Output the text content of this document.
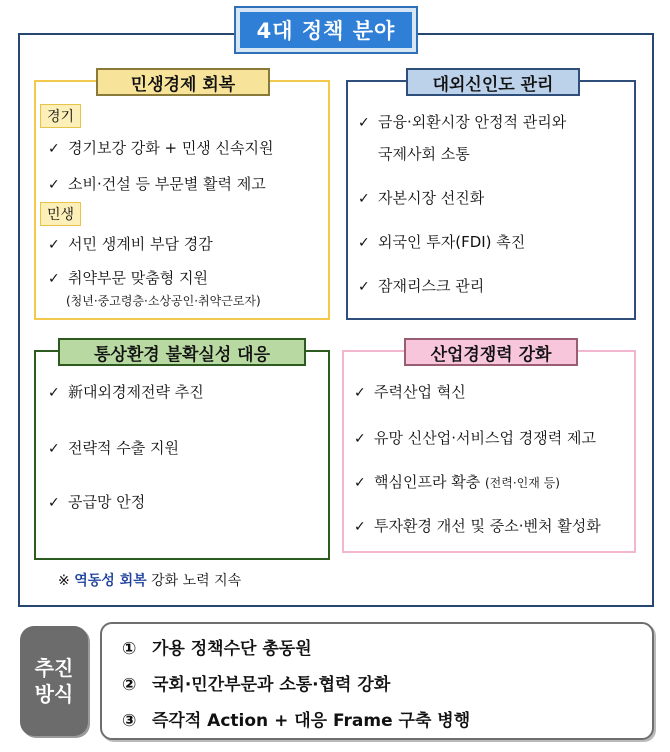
4대 정책 분야
민생경제 회복
경기
✓ 경기보강 강화 + 민생 신속지원
✓ 소비·건설 등 부문별 활력 제고
민생
✓ 서민 생계비 부담 경감
✓ 취약부문 맞춤형 지원
(청년·중고령층·소상공인·취약근로자)
대외신인도 관리
✓ 금융·외환시장 안정적 관리와
국제사회 소통
✓ 자본시장 선진화
✓ 외국인 투자(FDI) 촉진
✓ 잠재리스크 관리
통상환경 불확실성 대응
✓ 新대외경제전략 추진
✓ 전략적 수출 지원
✓ 공급망 안정
산업경쟁력 강화
✓ 주력산업 혁신
✓ 유망 신산업·서비스업 경쟁력 제고
✓ 핵심인프라 확충 (전력·인재 등)
✓ 투자환경 개선 및 중소·벤처 활성화
※ 역동성 회복 강화 노력 지속
추진
방식
① 가용 정책수단 총동원
② 국회·민간부문과 소통·협력 강화
③ 즉각적 Action + 대응 Frame 구축 병행
